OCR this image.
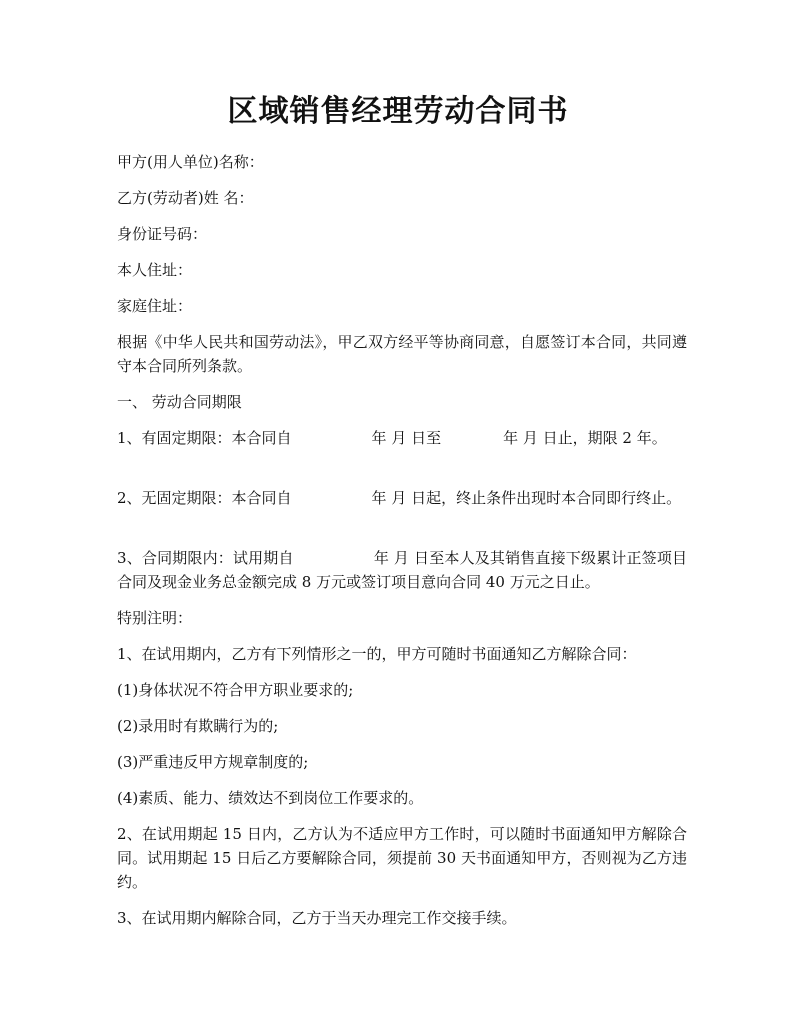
区域销售经理劳动合同书
甲方(用人单位)名称：
乙方(劳动者)姓 名：
身份证号码：
本人住址：
家庭住址：
根据《中华人民共和国劳动法》，甲乙双方经平等协商同意，自愿签订本合同，共同遵守本合同所列条款。
一、 劳动合同期限
1、有固定期限：本合同自	年 月 日至	年 月 日止，期限 2 年。
2、无固定期限：本合同自	年 月 日起，终止条件出现时本合同即行终止。
3、合同期限内：试用期自	年 月 日至本人及其销售直接下级累计正签项目合同及现金业务总金额完成 8 万元或签订项目意向合同 40 万元之日止。
特别注明：
1、在试用期内，乙方有下列情形之一的，甲方可随时书面通知乙方解除合同：
(1)身体状况不符合甲方职业要求的;
(2)录用时有欺瞒行为的;
(3)严重违反甲方规章制度的;
(4)素质、能力、绩效达不到岗位工作要求的。
2、在试用期起 15 日内，乙方认为不适应甲方工作时，可以随时书面通知甲方解除合同。试用期起 15 日后乙方要解除合同，须提前 30 天书面通知甲方，否则视为乙方违约。
3、在试用期内解除合同，乙方于当天办理完工作交接手续。
